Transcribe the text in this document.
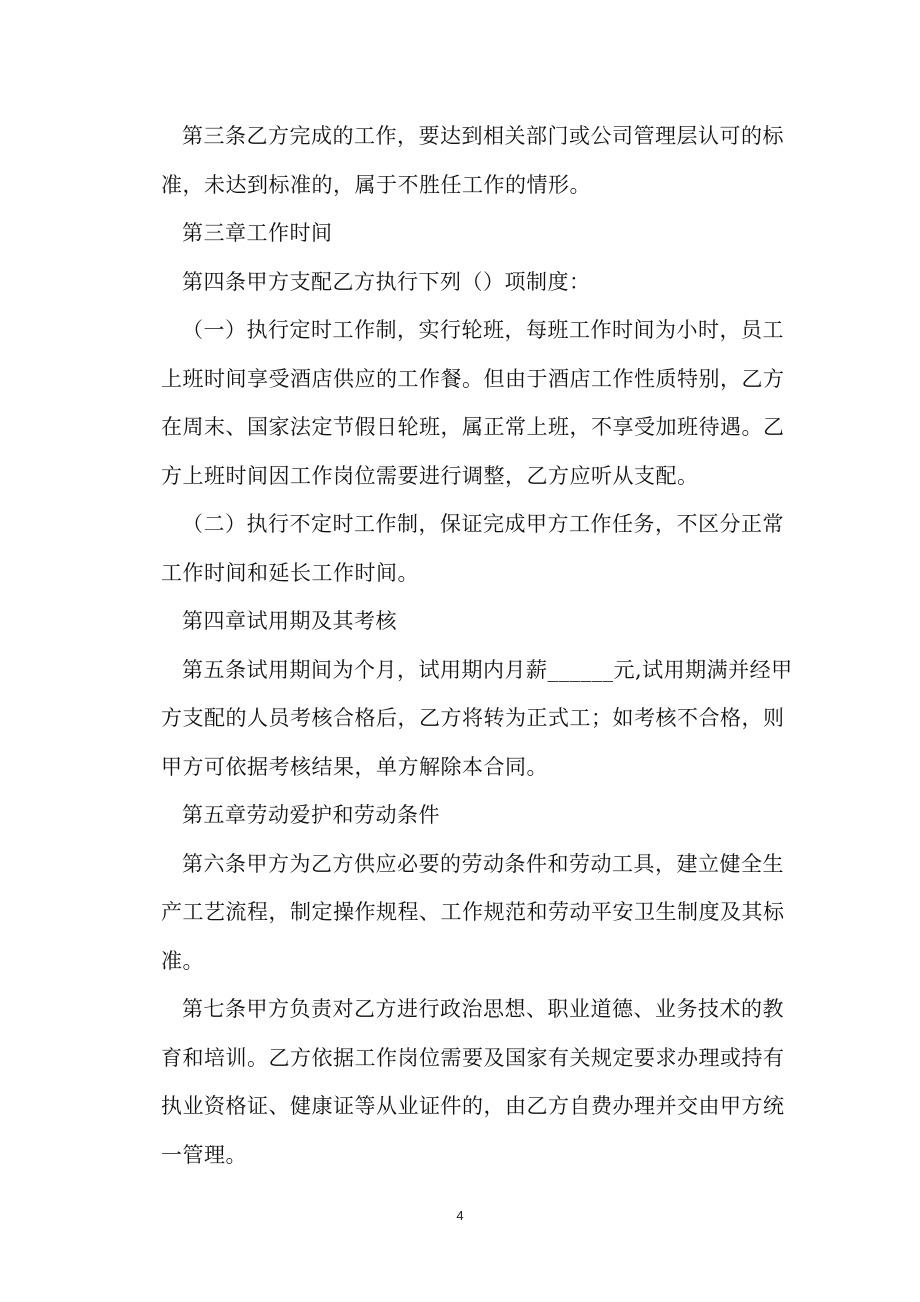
第三条乙方完成的工作，要达到相关部门或公司管理层认可的标
准，未达到标准的，属于不胜任工作的情形。
第三章工作时间
第四条甲方支配乙方执行下列（）项制度：
（一）执行定时工作制，实行轮班，每班工作时间为小时，员工
上班时间享受酒店供应的工作餐。但由于酒店工作性质特别，乙方
在周末、国家法定节假日轮班，属正常上班，不享受加班待遇。乙
方上班时间因工作岗位需要进行调整，乙方应听从支配。
（二）执行不定时工作制，保证完成甲方工作任务，不区分正常
工作时间和延长工作时间。
第四章试用期及其考核
第五条试用期间为个月，试用期内月薪______元,试用期满并经甲
方支配的人员考核合格后，乙方将转为正式工；如考核不合格，则
甲方可依据考核结果，单方解除本合同。
第五章劳动爱护和劳动条件
第六条甲方为乙方供应必要的劳动条件和劳动工具，建立健全生
产工艺流程，制定操作规程、工作规范和劳动平安卫生制度及其标
准。
第七条甲方负责对乙方进行政治思想、职业道德、业务技术的教
育和培训。乙方依据工作岗位需要及国家有关规定要求办理或持有
执业资格证、健康证等从业证件的，由乙方自费办理并交由甲方统
一管理。
4
